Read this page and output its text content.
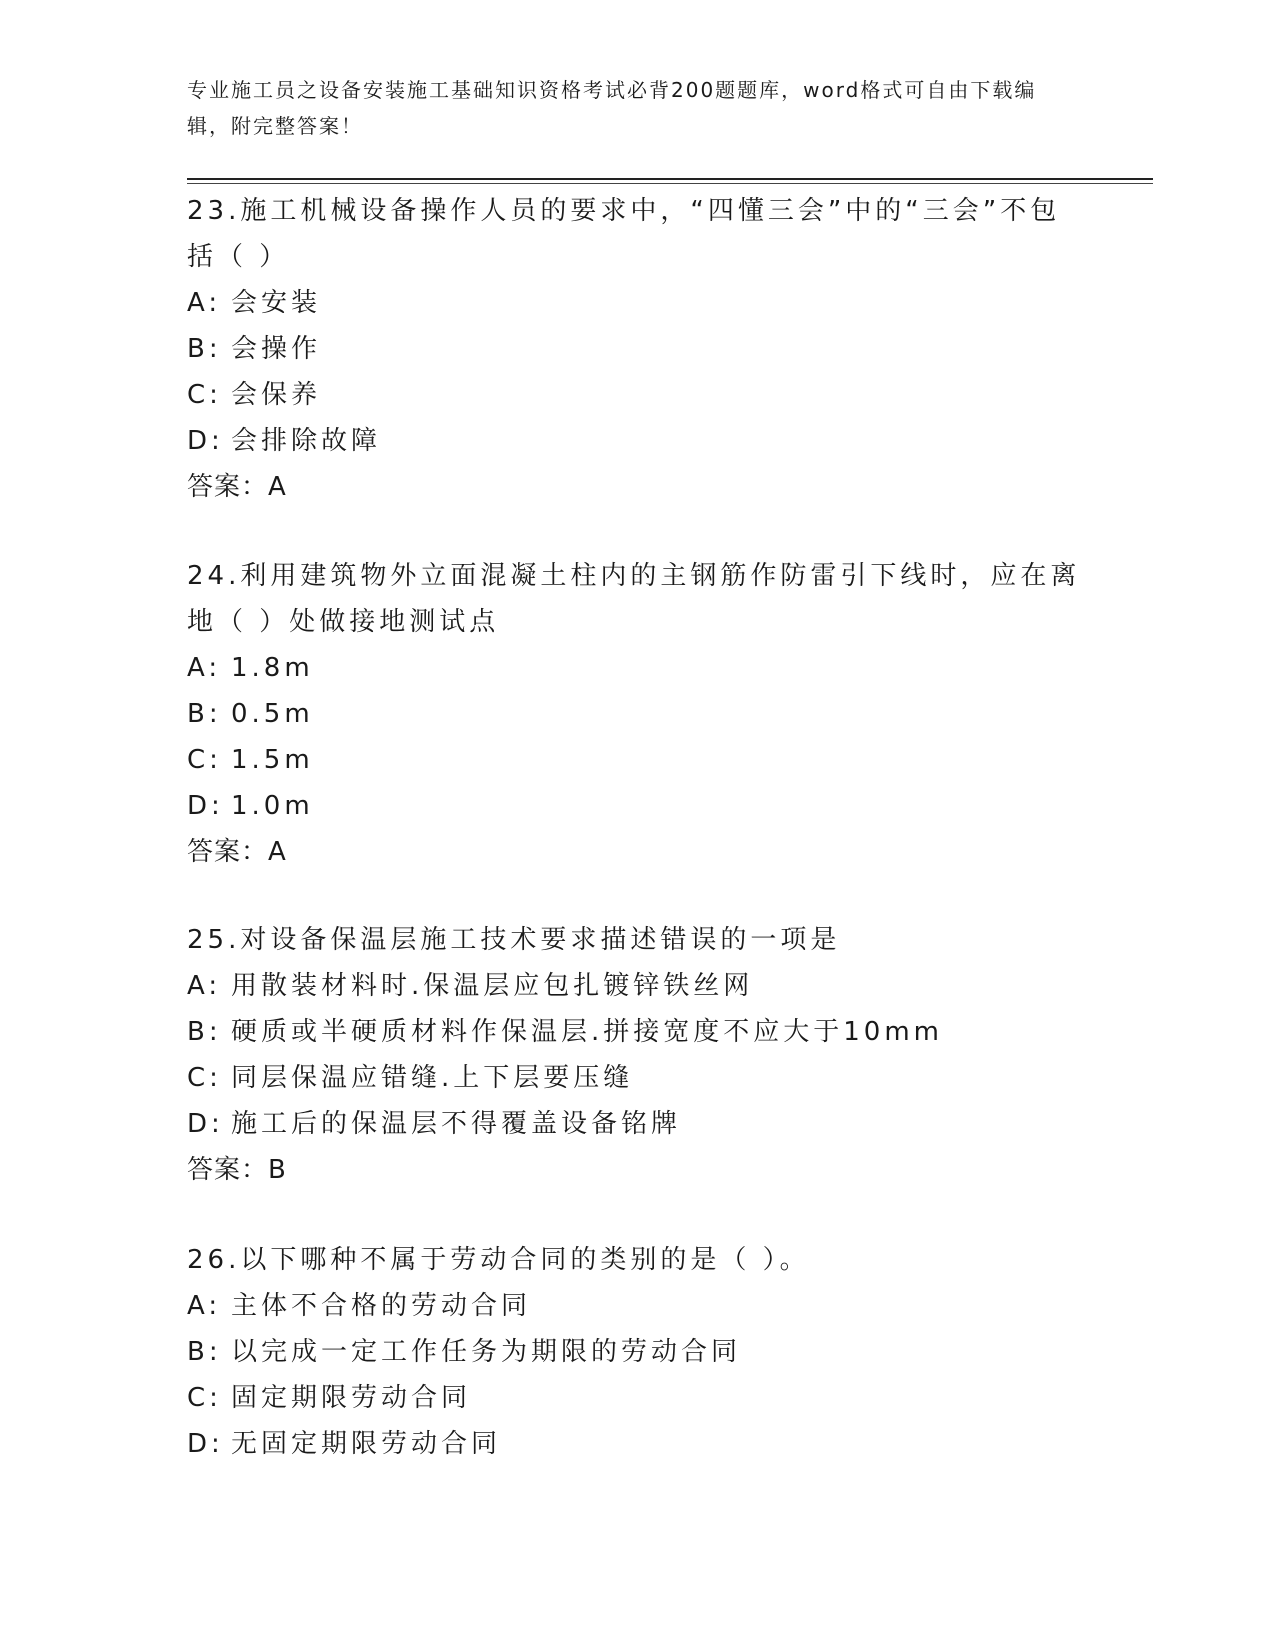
专业施工员之设备安装施工基础知识资格考试必背200题题库，word格式可自由下载编辑，附完整答案！
23.施工机械设备操作人员的要求中，“四懂三会”中的“三会”不包括（ ）
A: 会安装
B: 会操作
C: 会保养
D: 会排除故障
答案：A
24.利用建筑物外立面混凝土柱内的主钢筋作防雷引下线时，应在离地（ ）处做接地测试点
A: 1.8m
B: 0.5m
C: 1.5m
D: 1.0m
答案：A
25.对设备保温层施工技术要求描述错误的一项是
A: 用散装材料时.保温层应包扎镀锌铁丝网
B: 硬质或半硬质材料作保温层.拼接宽度不应大于10mm
C: 同层保温应错缝.上下层要压缝
D: 施工后的保温层不得覆盖设备铭牌
答案：B
26.以下哪种不属于劳动合同的类别的是（ ）。
A: 主体不合格的劳动合同
B: 以完成一定工作任务为期限的劳动合同
C: 固定期限劳动合同
D: 无固定期限劳动合同
